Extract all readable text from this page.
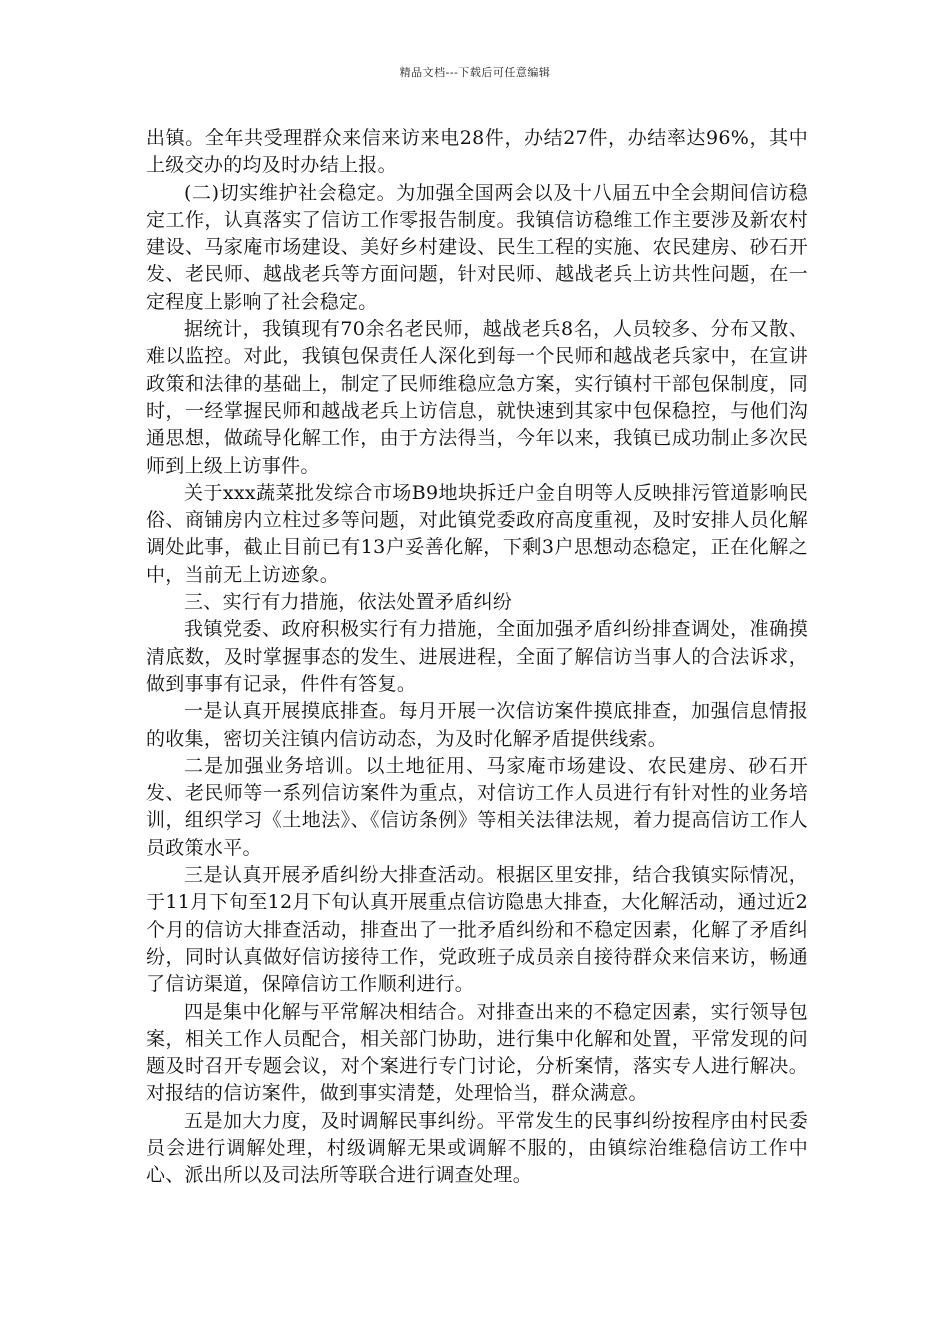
精品文档---下载后可任意编辑

出镇。全年共受理群众来信来访来电28件，办结27件，办结率达96%，其中上级交办的均及时办结上报。

(二)切实维护社会稳定。为加强全国两会以及十八届五中全会期间信访稳定工作，认真落实了信访工作零报告制度。我镇信访稳维工作主要涉及新农村建设、马家庵市场建设、美好乡村建设、民生工程的实施、农民建房、砂石开发、老民师、越战老兵等方面问题，针对民师、越战老兵上访共性问题，在一定程度上影响了社会稳定。

据统计，我镇现有70余名老民师，越战老兵8名，人员较多、分布又散、难以监控。对此，我镇包保责任人深化到每一个民师和越战老兵家中，在宣讲政策和法律的基础上，制定了民师维稳应急方案，实行镇村干部包保制度，同时，一经掌握民师和越战老兵上访信息，就快速到其家中包保稳控，与他们沟通思想，做疏导化解工作，由于方法得当，今年以来，我镇已成功制止多次民师到上级上访事件。

关于xxx蔬菜批发综合市场B9地块拆迁户金自明等人反映排污管道影响民俗、商铺房内立柱过多等问题，对此镇党委政府高度重视，及时安排人员化解调处此事，截止目前已有13户妥善化解，下剩3户思想动态稳定，正在化解之中，当前无上访迹象。

三、实行有力措施，依法处置矛盾纠纷

我镇党委、政府积极实行有力措施，全面加强矛盾纠纷排查调处，准确摸清底数，及时掌握事态的发生、进展进程，全面了解信访当事人的合法诉求，做到事事有记录，件件有答复。

一是认真开展摸底排查。每月开展一次信访案件摸底排查，加强信息情报的收集，密切关注镇内信访动态，为及时化解矛盾提供线索。

二是加强业务培训。以土地征用、马家庵市场建设、农民建房、砂石开发、老民师等一系列信访案件为重点，对信访工作人员进行有针对性的业务培训，组织学习《土地法》、《信访条例》等相关法律法规，着力提高信访工作人员政策水平。

三是认真开展矛盾纠纷大排查活动。根据区里安排，结合我镇实际情况，于11月下旬至12月下旬认真开展重点信访隐患大排查，大化解活动，通过近2个月的信访大排查活动，排查出了一批矛盾纠纷和不稳定因素，化解了矛盾纠纷，同时认真做好信访接待工作，党政班子成员亲自接待群众来信来访，畅通了信访渠道，保障信访工作顺利进行。

四是集中化解与平常解决相结合。对排查出来的不稳定因素，实行领导包案，相关工作人员配合，相关部门协助，进行集中化解和处置，平常发现的问题及时召开专题会议，对个案进行专门讨论，分析案情，落实专人进行解决。对报结的信访案件，做到事实清楚，处理恰当，群众满意。

五是加大力度，及时调解民事纠纷。平常发生的民事纠纷按程序由村民委员会进行调解处理，村级调解无果或调解不服的，由镇综治维稳信访工作中心、派出所以及司法所等联合进行调查处理。
